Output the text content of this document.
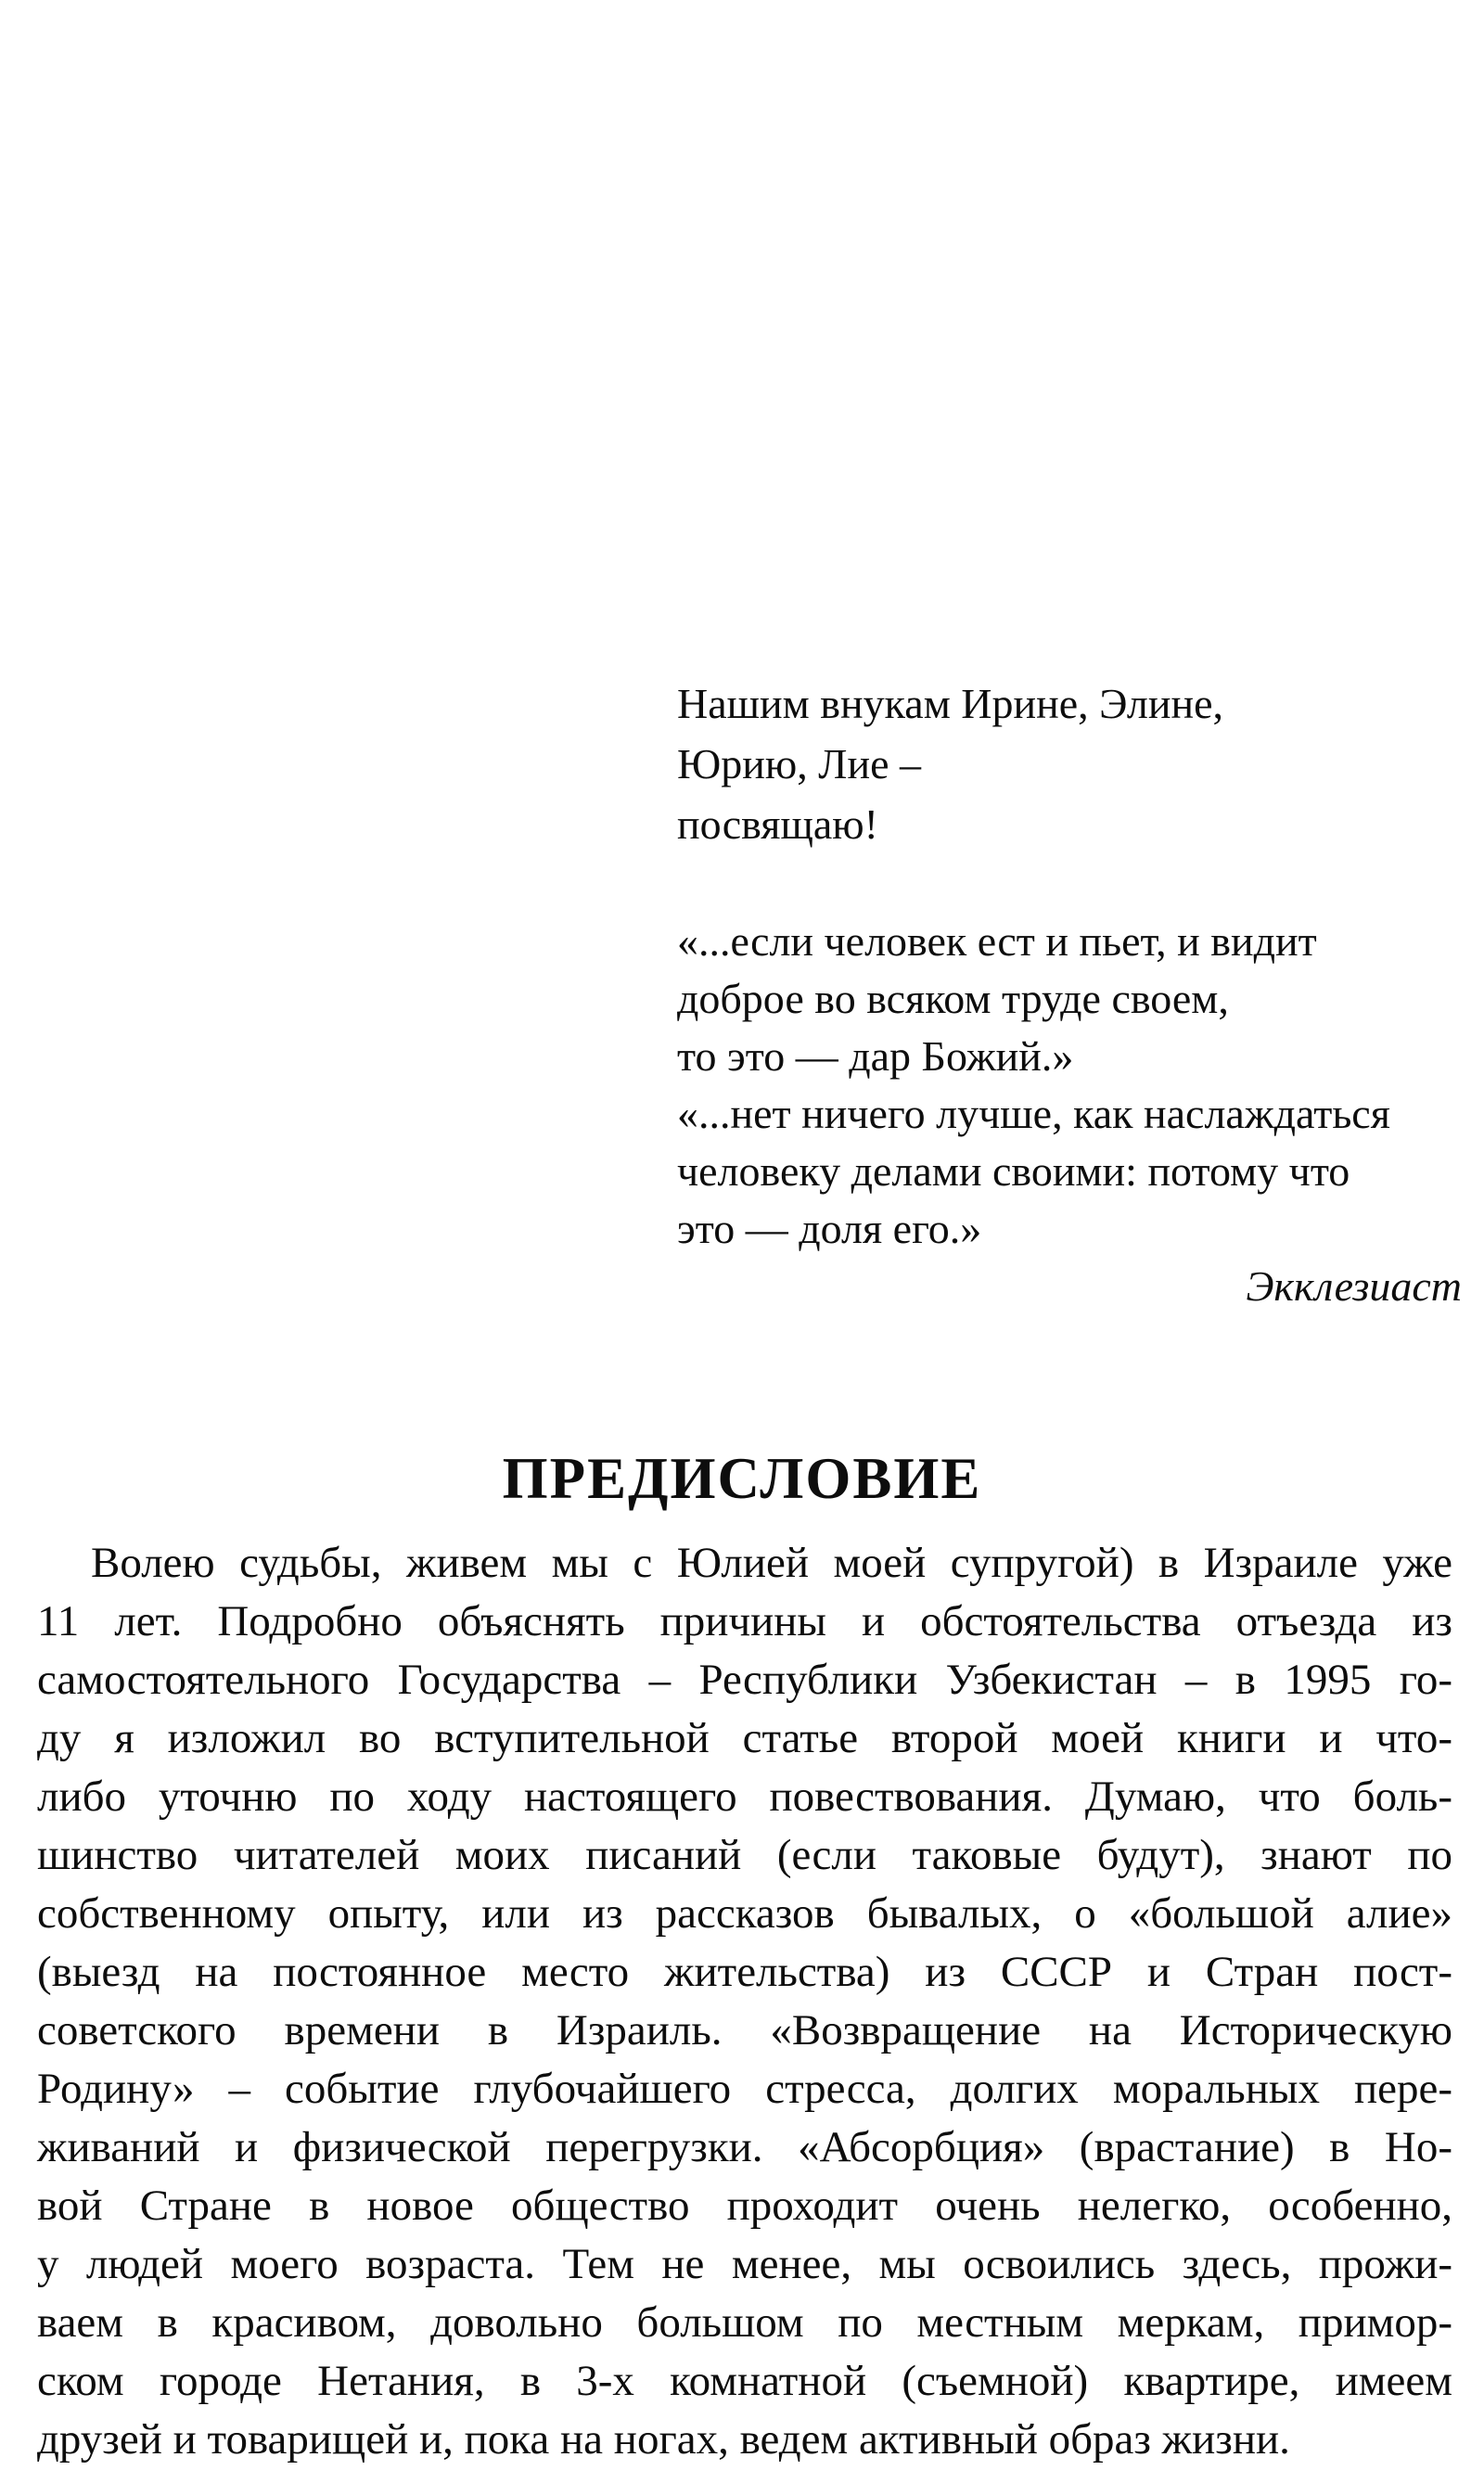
Нашим внукам Ирине, Элине,
Юрию, Лие –
посвящаю!
«...если человек ест и пьет, и видит
доброе во всяком труде своем,
то это — дар Божий.»
«...нет ничего лучше, как наслаждаться
человеку делами своими: потому что
это — доля его.»
Экклезиаст
ПРЕДИСЛОВИЕ
Волею судьбы, живем мы с Юлией моей супругой) в Израиле уже
11 лет. Подробно объяснять причины и обстоятельства отъезда из
самостоятельного Государства – Республики Узбекистан – в 1995 го-
ду я изложил во вступительной статье второй моей книги и что-
либо уточню по ходу настоящего повествования. Думаю, что боль-
шинство читателей моих писаний (если таковые будут), знают по
собственному опыту, или из рассказов бывалых, о «большой алие»
(выезд на постоянное место жительства) из СССР и Стран пост-
советского времени в Израиль. «Возвращение на Историческую
Родину» – событие глубочайшего стресса, долгих моральных пере-
живаний и физической перегрузки. «Абсорбция» (врастание) в Но-
вой Стране в новое общество проходит очень нелегко, особенно,
у людей моего возраста. Тем не менее, мы освоились здесь, прожи-
ваем в красивом, довольно большом по местным меркам, примор-
ском городе Нетания, в 3-х комнатной (съемной) квартире, имеем
друзей и товарищей и, пока на ногах, ведем активный образ жизни.
